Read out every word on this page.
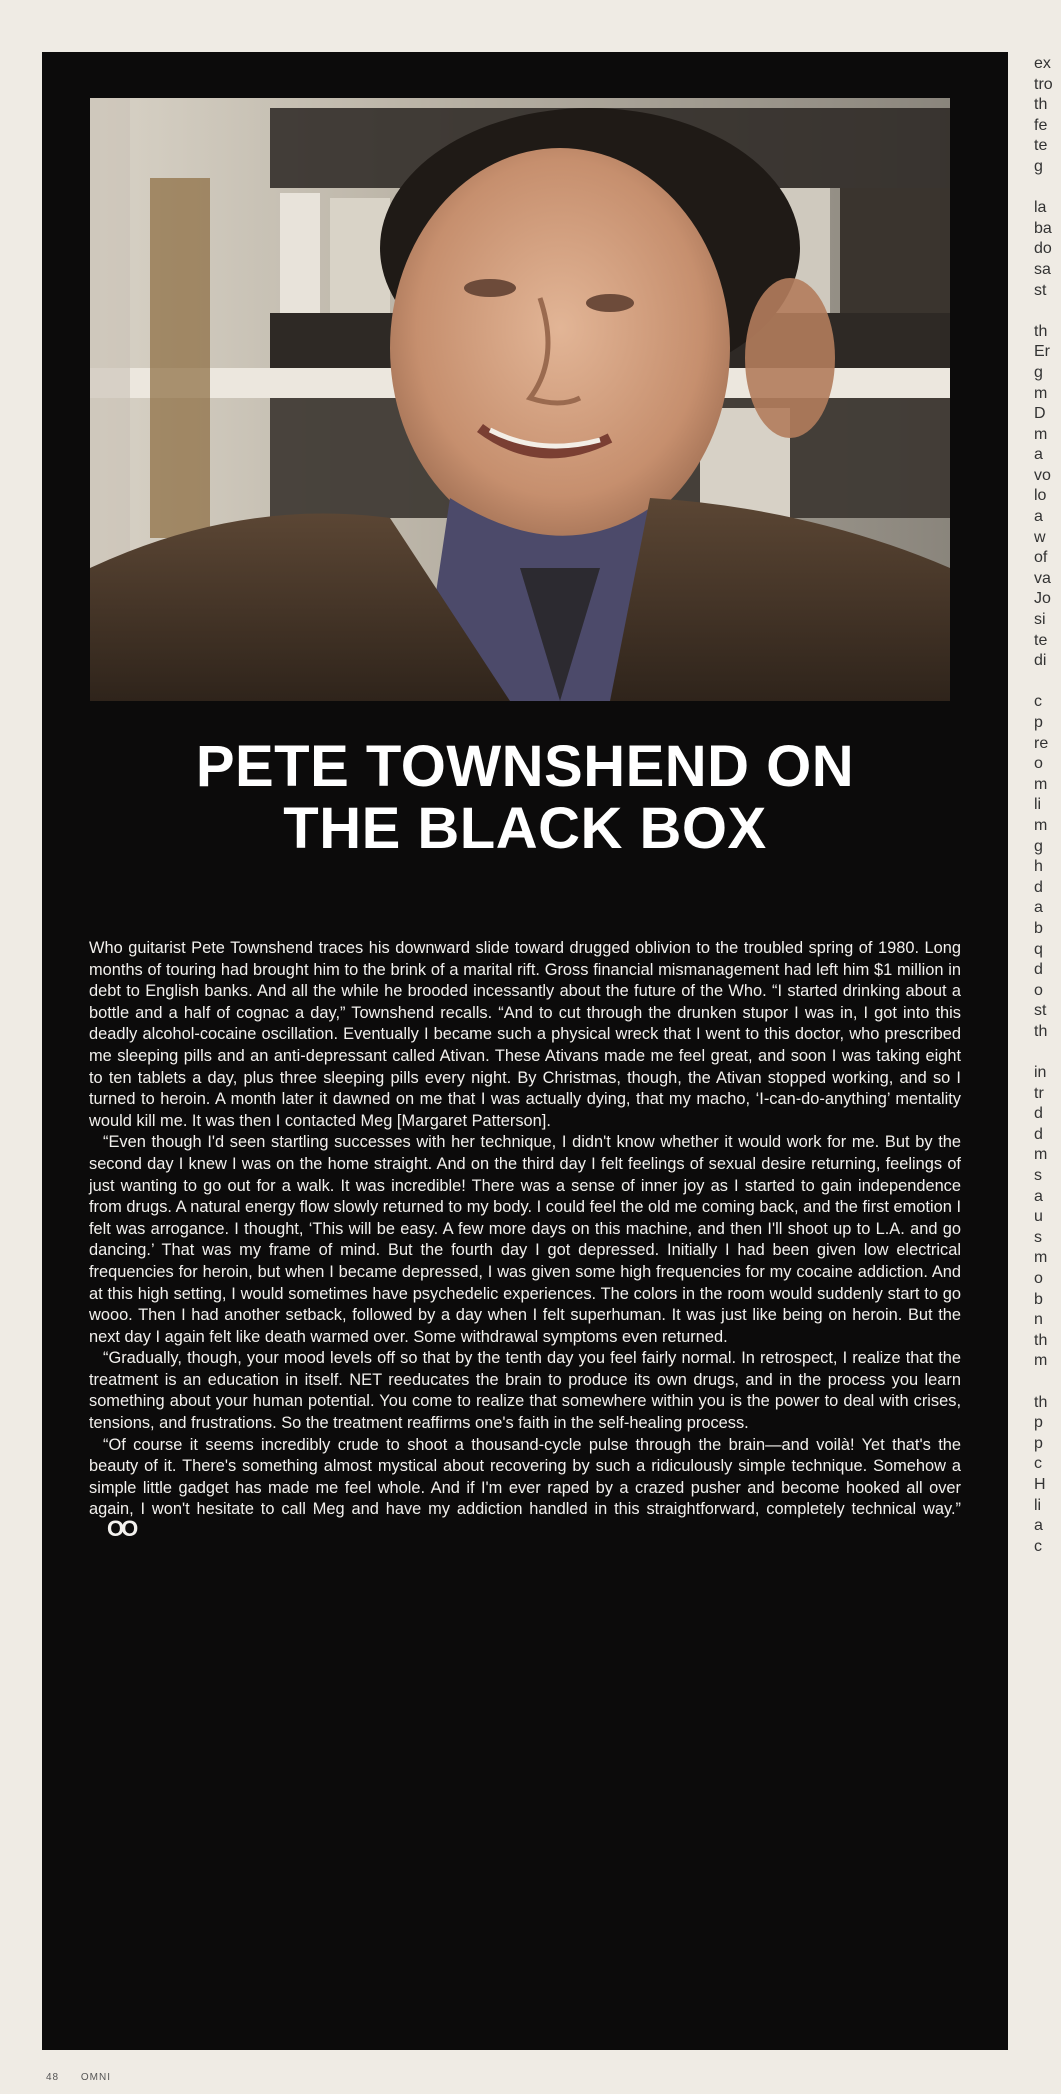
PETE TOWNSHEND ON
THE BLACK BOX

Who guitarist Pete Townshend traces his downward slide toward drugged oblivion to the troubled spring of 1980. Long months of touring had brought him to the brink of a marital rift. Gross financial mismanagement had left him $1 million in debt to English banks. And all the while he brooded incessantly about the future of the Who. “I started drinking about a bottle and a half of cognac a day,” Townshend recalls. “And to cut through the drunken stupor I was in, I got into this deadly alcohol-cocaine oscillation. Eventually I became such a physical wreck that I went to this doctor, who prescribed me sleeping pills and an anti-depressant called Ativan. These Ativans made me feel great, and soon I was taking eight to ten tablets a day, plus three sleeping pills every night. By Christmas, though, the Ativan stopped working, and so I turned to heroin. A month later it dawned on me that I was actually dying, that my macho, ‘I-can-do-anything’ mentality would kill me. It was then I contacted Meg [Margaret Patterson].

“Even though I'd seen startling successes with her technique, I didn't know whether it would work for me. But by the second day I knew I was on the home straight. And on the third day I felt feelings of sexual desire returning, feelings of just wanting to go out for a walk. It was incredible! There was a sense of inner joy as I started to gain independence from drugs. A natural energy flow slowly returned to my body. I could feel the old me coming back, and the first emotion I felt was arrogance. I thought, ‘This will be easy. A few more days on this machine, and then I'll shoot up to L.A. and go dancing.’ That was my frame of mind. But the fourth day I got depressed. Initially I had been given low electrical frequencies for heroin, but when I became depressed, I was given some high frequencies for my cocaine addiction. And at this high setting, I would sometimes have psychedelic experiences. The colors in the room would suddenly start to go wooo. Then I had another setback, followed by a day when I felt superhuman. It was just like being on heroin. But the next day I again felt like death warmed over. Some withdrawal symptoms even returned.

“Gradually, though, your mood levels off so that by the tenth day you feel fairly normal. In retrospect, I realize that the treatment is an education in itself. NET reeducates the brain to produce its own drugs, and in the process you learn something about your human potential. You come to realize that somewhere within you is the power to deal with crises, tensions, and frustrations. So the treatment reaffirms one's faith in the self-healing process.

“Of course it seems incredibly crude to shoot a thousand-cycle pulse through the brain—and voilà! Yet that's the beauty of it. There's something almost mystical about recovering by such a ridiculously simple technique. Somehow a simple little gadget has made me feel whole. And if I'm ever raped by a crazed pusher and become hooked all over again, I won't hesitate to call Meg and have my addiction handled in this straightforward, completely technical way.”OO

ex
tro
th
fe
te
g
la
ba
do
sa
st
th
Er
g
m
D
m
a
vo
lo
a
w
of
va
Jo
si
te
di
c
p
re
o
m
li
m
g
h
d
a
b
q
d
o
st
th
in
tr
d
d
m
s
a
u
s
m
o
b
n
th
m
th
p
p
c
H
li
a
c
48 OMNI
